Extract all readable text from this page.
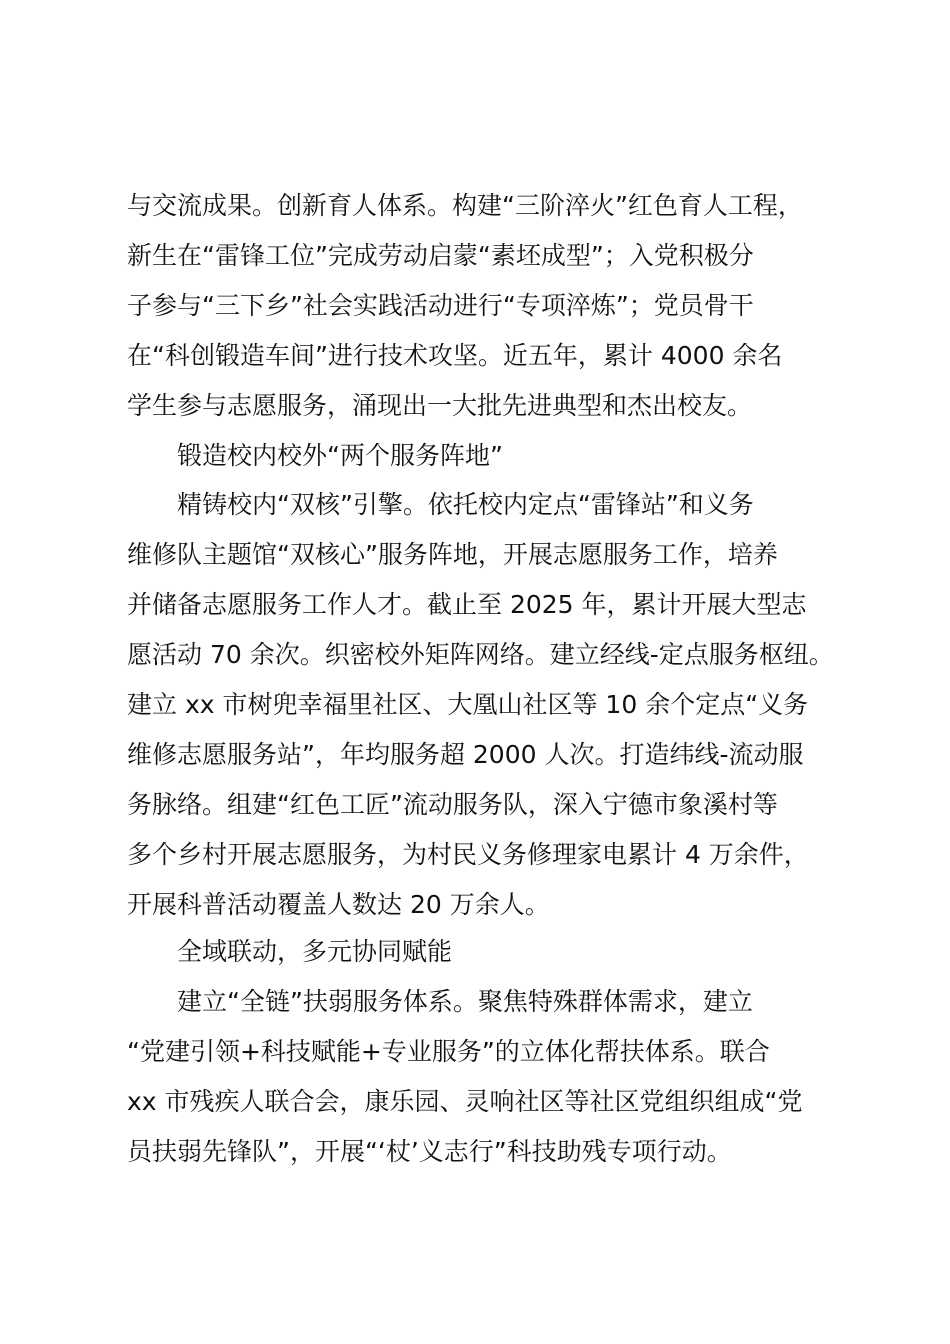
与交流成果。创新育人体系。构建“三阶淬火”红色育人工程，
新生在“雷锋工位”完成劳动启蒙“素坯成型”；入党积极分
子参与“三下乡”社会实践活动进行“专项淬炼”；党员骨干
在“科创锻造车间”进行技术攻坚。近五年，累计 4000 余名
学生参与志愿服务，涌现出一大批先进典型和杰出校友。
锻造校内校外“两个服务阵地”
精铸校内“双核”引擎。依托校内定点“雷锋站”和义务
维修队主题馆“双核心”服务阵地，开展志愿服务工作，培养
并储备志愿服务工作人才。截止至 2025 年，累计开展大型志
愿活动 70 余次。织密校外矩阵网络。建立经线-定点服务枢纽。
建立 xx 市树兜幸福里社区、大凰山社区等 10 余个定点“义务
维修志愿服务站”，年均服务超 2000 人次。打造纬线-流动服
务脉络。组建“红色工匠”流动服务队，深入宁德市象溪村等
多个乡村开展志愿服务，为村民义务修理家电累计 4 万余件，
开展科普活动覆盖人数达 20 万余人。
全域联动，多元协同赋能
建立“全链”扶弱服务体系。聚焦特殊群体需求，建立
“党建引领+科技赋能+专业服务”的立体化帮扶体系。联合
xx 市残疾人联合会，康乐园、灵响社区等社区党组织组成“党
员扶弱先锋队”，开展“‘杖’义志行”科技助残专项行动。
